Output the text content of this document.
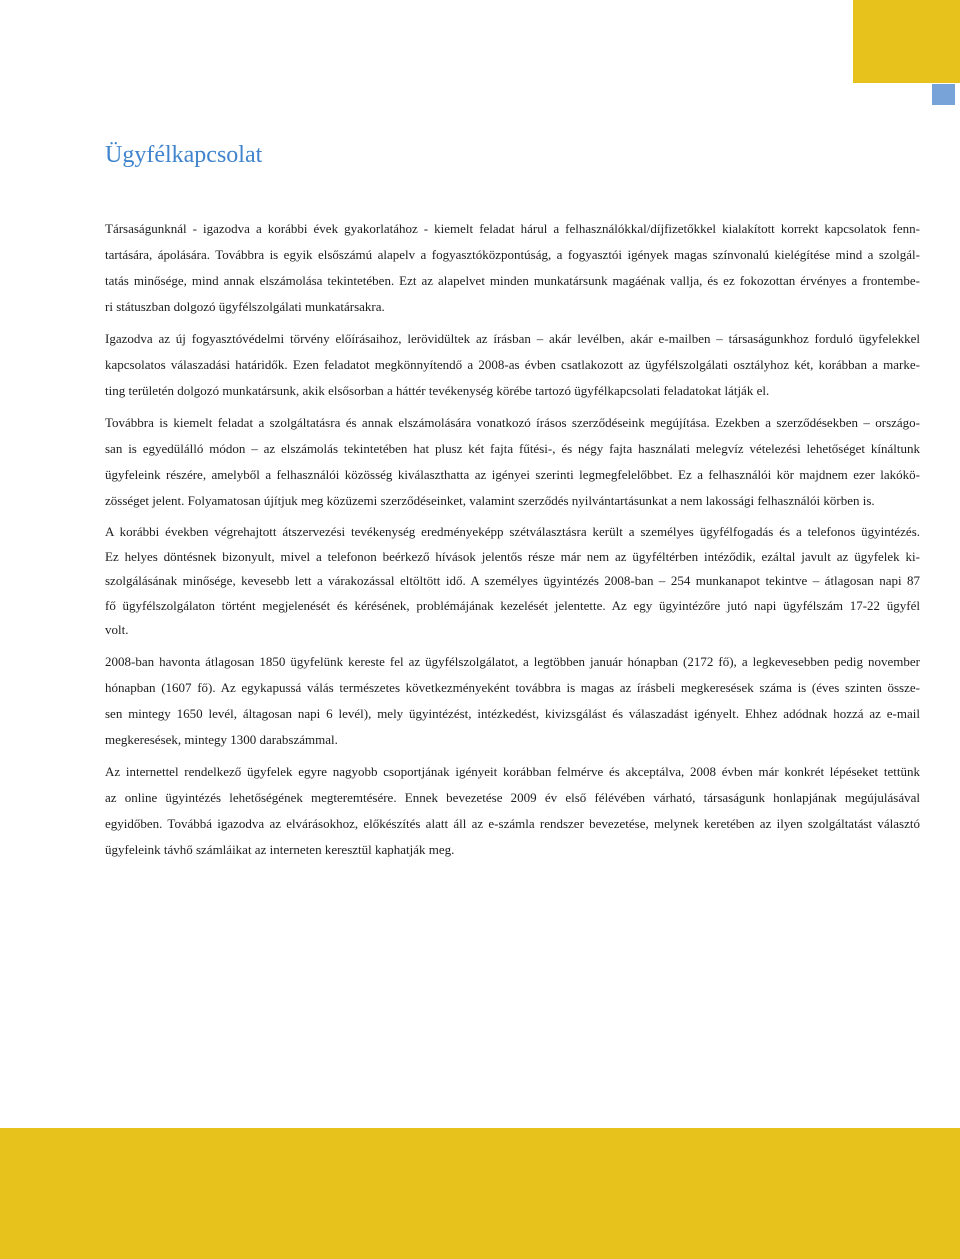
Ügyfélkapcsolat
Társaságunknál - igazodva a korábbi évek gyakorlatához - kiemelt feladat hárul a felhasználókkal/díjfizetőkkel kialakított korrekt kapcsolatok fenn-
tartására, ápolására. Továbbra is egyik elsőszámú alapelv a fogyasztóközpontúság, a fogyasztói igények magas színvonalú kielégítése mind a szolgál-
tatás minősége, mind annak elszámolása tekintetében. Ezt az alapelvet minden munkatársunk magáénak vallja, és ez fokozottan érvényes a frontembe-
ri státuszban dolgozó ügyfélszolgálati munkatársakra.
Igazodva az új fogyasztóvédelmi törvény előírásaihoz, lerövidültek az írásban – akár levélben, akár e-mailben – társaságunkhoz forduló ügyfelekkel
kapcsolatos válaszadási határidők. Ezen feladatot megkönnyítendő a 2008-as évben csatlakozott az ügyfélszolgálati osztályhoz két, korábban a marke-
ting területén dolgozó munkatársunk, akik elsősorban a háttér tevékenység körébe tartozó ügyfélkapcsolati feladatokat látják el.
Továbbra is kiemelt feladat a szolgáltatásra és annak elszámolására vonatkozó írásos szerződéseink megújítása. Ezekben a szerződésekben – országo-
san is egyedülálló módon – az elszámolás tekintetében hat plusz két fajta fűtési-, és négy fajta használati melegvíz vételezési lehetőséget kínáltunk
ügyfeleink részére, amelyből a felhasználói közösség kiválaszthatta az igényei szerinti legmegfelelőbbet. Ez a felhasználói kör majdnem ezer lakókö-
zösséget jelent. Folyamatosan újítjuk meg közüzemi szerződéseinket, valamint szerződés nyilvántartásunkat a nem lakossági felhasználói körben is.
A korábbi években végrehajtott átszervezési tevékenység eredményeképp szétválasztásra került a személyes ügyfélfogadás és a telefonos ügyintézés.
Ez helyes döntésnek bizonyult, mivel a telefonon beérkező hívások jelentős része már nem az ügyféltérben intéződik, ezáltal javult az ügyfelek ki-
szolgálásának minősége, kevesebb lett a várakozással eltöltött idő. A személyes ügyintézés 2008-ban – 254 munkanapot tekintve – átlagosan napi 87
fő ügyfélszolgálaton történt megjelenését és kérésének, problémájának kezelését jelentette. Az egy ügyintézőre jutó napi ügyfélszám 17-22 ügyfél
volt.
2008-ban havonta átlagosan 1850 ügyfelünk kereste fel az ügyfélszolgálatot, a legtöbben január hónapban (2172 fő), a legkevesebben pedig november
hónapban (1607 fő). Az egykapussá válás természetes következményeként továbbra is magas az írásbeli megkeresések száma is (éves szinten össze-
sen mintegy 1650 levél, áltagosan napi 6 levél), mely ügyintézést, intézkedést, kivizsgálást és válaszadást igényelt. Ehhez adódnak hozzá az e-mail
megkeresések, mintegy 1300 darabszámmal.
Az internettel rendelkező ügyfelek egyre nagyobb csoportjának igényeit korábban felmérve és akceptálva, 2008 évben már konkrét lépéseket tettünk
az online ügyintézés lehetőségének megteremtésére. Ennek bevezetése 2009 év első félévében várható, társaságunk honlapjának megújulásával
egyidőben. Továbbá igazodva az elvárásokhoz, előkészítés alatt áll az e-számla rendszer bevezetése, melynek keretében az ilyen szolgáltatást választó
ügyfeleink távhő számláikat az interneten keresztül kaphatják meg.
